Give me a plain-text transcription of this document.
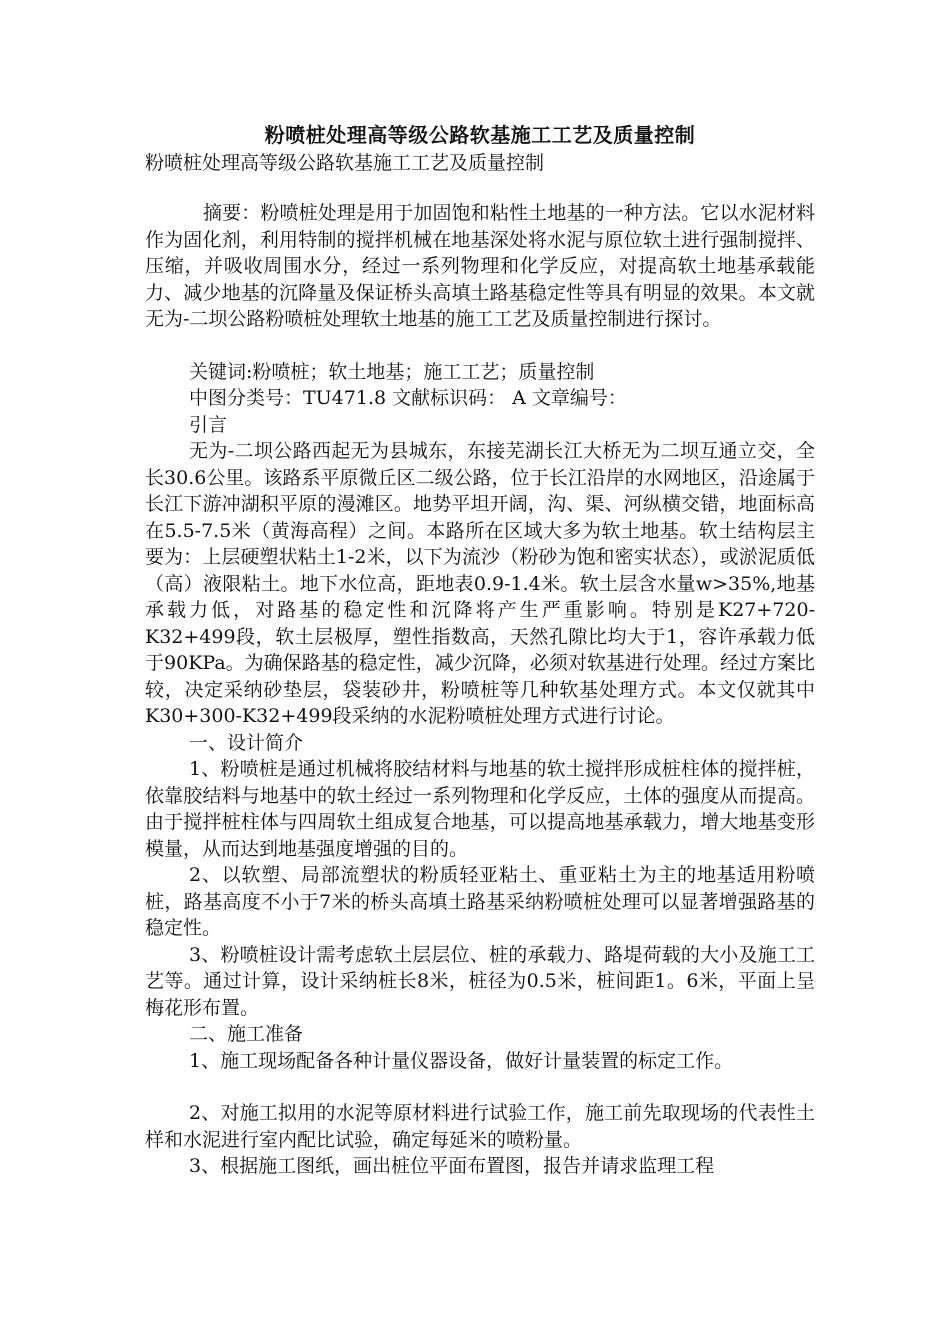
粉喷桩处理高等级公路软基施工工艺及质量控制

粉喷桩处理高等级公路软基施工工艺及质量控制

摘要：粉喷桩处理是用于加固饱和粘性土地基的一种方法。它以水泥材料作为固化剂，利用特制的搅拌机械在地基深处将水泥与原位软土进行强制搅拌、压缩，并吸收周围水分，经过一系列物理和化学反应，对提高软土地基承载能力、减少地基的沉降量及保证桥头高填土路基稳定性等具有明显的效果。本文就无为-二坝公路粉喷桩处理软土地基的施工工艺及质量控制进行探讨。

关键词:粉喷桩；软土地基；施工工艺；质量控制

中图分类号：TU471.8 文献标识码： A 文章编号：

引言

无为-二坝公路西起无为县城东，东接芜湖长江大桥无为二坝互通立交，全长30.6公里。该路系平原微丘区二级公路，位于长江沿岸的水网地区，沿途属于长江下游冲湖积平原的漫滩区。地势平坦开阔，沟、渠、河纵横交错，地面标高在5.5-7.5米（黄海高程）之间。本路所在区域大多为软土地基。软土结构层主要为：上层硬塑状粘土1-2米，以下为流沙（粉砂为饱和密实状态），或淤泥质低（高）液限粘土。地下水位高，距地表0.9-1.4米。软土层含水量w>35%,地基承载力低，对路基的稳定性和沉降将产生严重影响。特别是K27+720-K32+499段，软土层极厚，塑性指数高，天然孔隙比均大于1，容许承载力低于90KPa。为确保路基的稳定性，减少沉降，必须对软基进行处理。经过方案比较，决定采纳砂垫层，袋装砂井，粉喷桩等几种软基处理方式。本文仅就其中K30+300-K32+499段采纳的水泥粉喷桩处理方式进行讨论。

一、设计简介

1、粉喷桩是通过机械将胶结材料与地基的软土搅拌形成桩柱体的搅拌桩，依靠胶结料与地基中的软土经过一系列物理和化学反应，土体的强度从而提高。由于搅拌桩柱体与四周软土组成复合地基，可以提高地基承载力，增大地基变形模量，从而达到地基强度增强的目的。

2、以软塑、局部流塑状的粉质轻亚粘土、重亚粘土为主的地基适用粉喷桩，路基高度不小于7米的桥头高填土路基采纳粉喷桩处理可以显著增强路基的稳定性。

3、粉喷桩设计需考虑软土层层位、桩的承载力、路堤荷载的大小及施工工艺等。通过计算，设计采纳桩长8米，桩径为0.5米，桩间距1。6米，平面上呈梅花形布置。

二、施工准备

1、施工现场配备各种计量仪器设备，做好计量装置的标定工作。

2、对施工拟用的水泥等原材料进行试验工作，施工前先取现场的代表性土样和水泥进行室内配比试验，确定每延米的喷粉量。

3、根据施工图纸，画出桩位平面布置图，报告并请求监理工程
